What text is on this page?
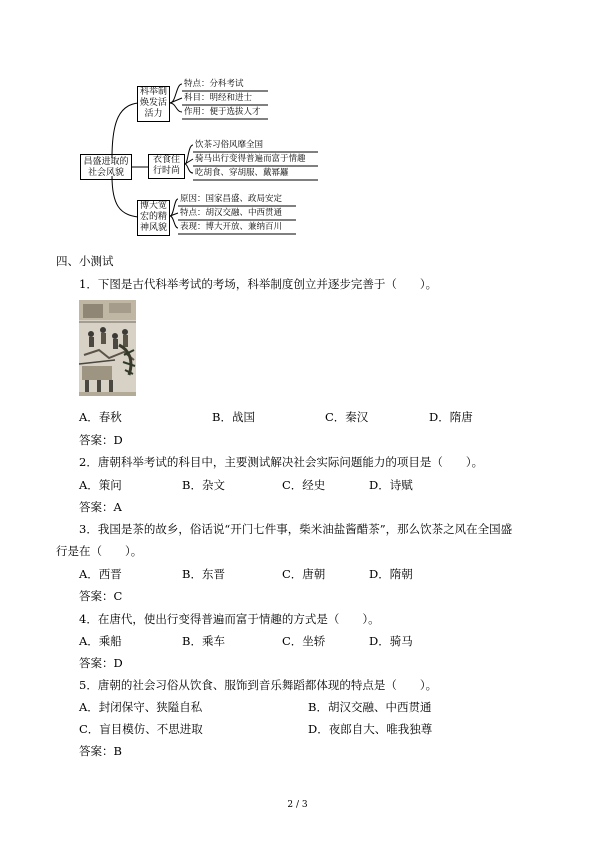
昌盛进取的
社会风貌
科举制
焕发活
活力
特点：分科考试
科目：明经和进士
作用：便于选拔人才
衣食住
行时尚
饮茶习俗风靡全国
骑马出行变得普遍而富于情趣
吃胡食、穿胡服、戴幂䍦
博大宽
宏的精
神风貌
原因：国家昌盛、政局安定
特点：胡汉交融、中西贯通
表现：博大开放、兼纳百川
四、小测试
1．下图是古代科举考试的考场，科举制度创立并逐步完善于（　　）。
A．春秋	B．战国	C．秦汉	D．隋唐
答案：D
2．唐朝科举考试的科目中，主要测试解决社会实际问题能力的项目是（　　）。
A．策问	B．杂文	C．经史	D．诗赋
答案：A
3．我国是茶的故乡，俗话说“开门七件事，柴米油盐酱醋茶”，那么饮茶之风在全国盛
行是在（　　）。
A．西晋	B．东晋	C．唐朝	D．隋朝
答案：C
4．在唐代，使出行变得普遍而富于情趣的方式是（　　）。
A．乘船	B．乘车	C．坐轿	D．骑马
答案：D
5．唐朝的社会习俗从饮食、服饰到音乐舞蹈都体现的特点是（　　）。
A．封闭保守、狭隘自私	B．胡汉交融、中西贯通
C．盲目模仿、不思进取	D．夜郎自大、唯我独尊
答案：B
2 / 3
